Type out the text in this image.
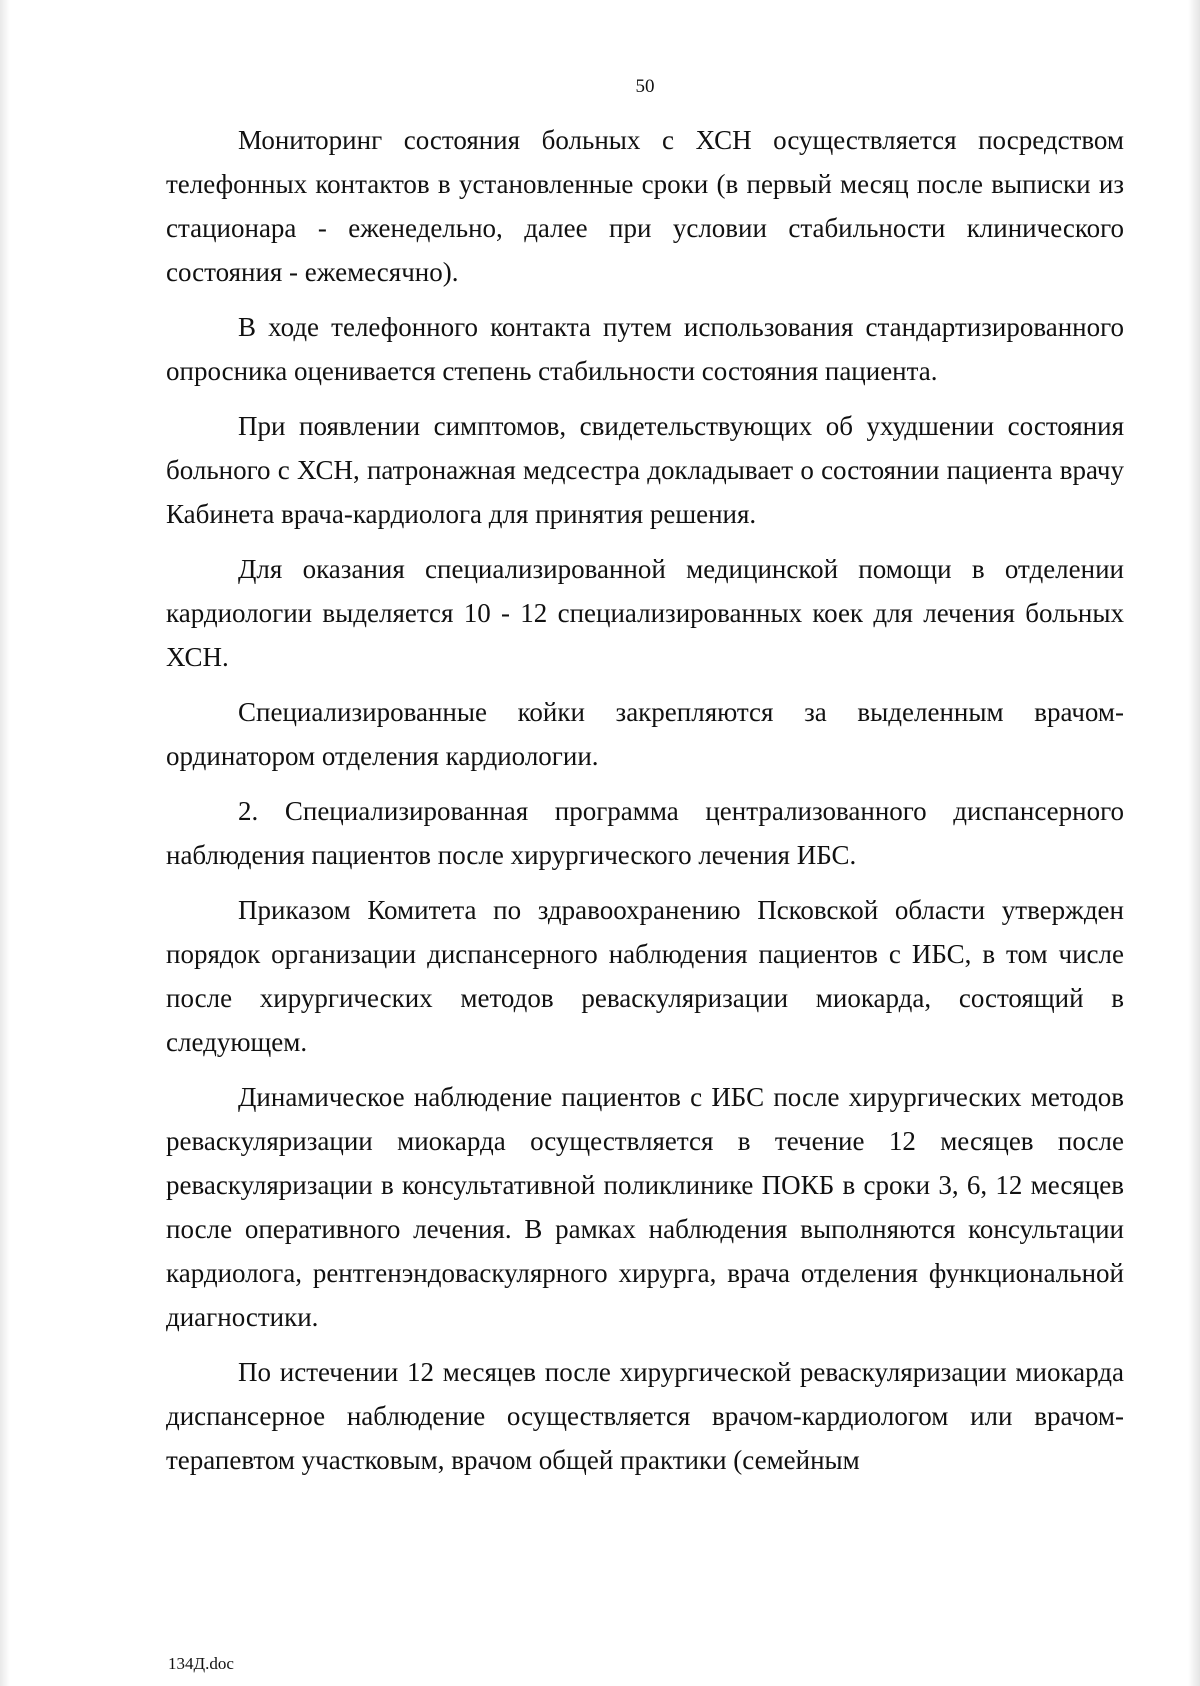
50

Мониторинг состояния больных с ХСН осуществляется посредством телефонных контактов в установленные сроки (в первый месяц после выписки из стационара - еженедельно, далее при условии стабильности клинического состояния - ежемесячно).

В ходе телефонного контакта путем использования стандартизированного опросника оценивается степень стабильности состояния пациента.

При появлении симптомов, свидетельствующих об ухудшении состояния больного с ХСН, патронажная медсестра докладывает о состоянии пациента врачу Кабинета врача-кардиолога для принятия решения.

Для оказания специализированной медицинской помощи в отделении кардиологии выделяется 10 - 12 специализированных коек для лечения больных ХСН.

Специализированные койки закрепляются за выделенным врачом-ординатором отделения кардиологии.

2. Специализированная программа централизованного диспансерного наблюдения пациентов после хирургического лечения ИБС.

Приказом Комитета по здравоохранению Псковской области утвержден порядок организации диспансерного наблюдения пациентов с ИБС, в том числе после хирургических методов реваскуляризации миокарда, состоящий в следующем.

Динамическое наблюдение пациентов с ИБС после хирургических методов реваскуляризации миокарда осуществляется в течение 12 месяцев после реваскуляризации в консультативной поликлинике ПОКБ в сроки 3, 6, 12 месяцев после оперативного лечения. В рамках наблюдения выполняются консультации кардиолога, рентгенэндоваскулярного хирурга, врача отделения функциональной диагностики.

По истечении 12 месяцев после хирургической реваскуляризации миокарда диспансерное наблюдение осуществляется врачом-кардиологом или врачом-терапевтом участковым, врачом общей практики (семейным

134Д.doc
